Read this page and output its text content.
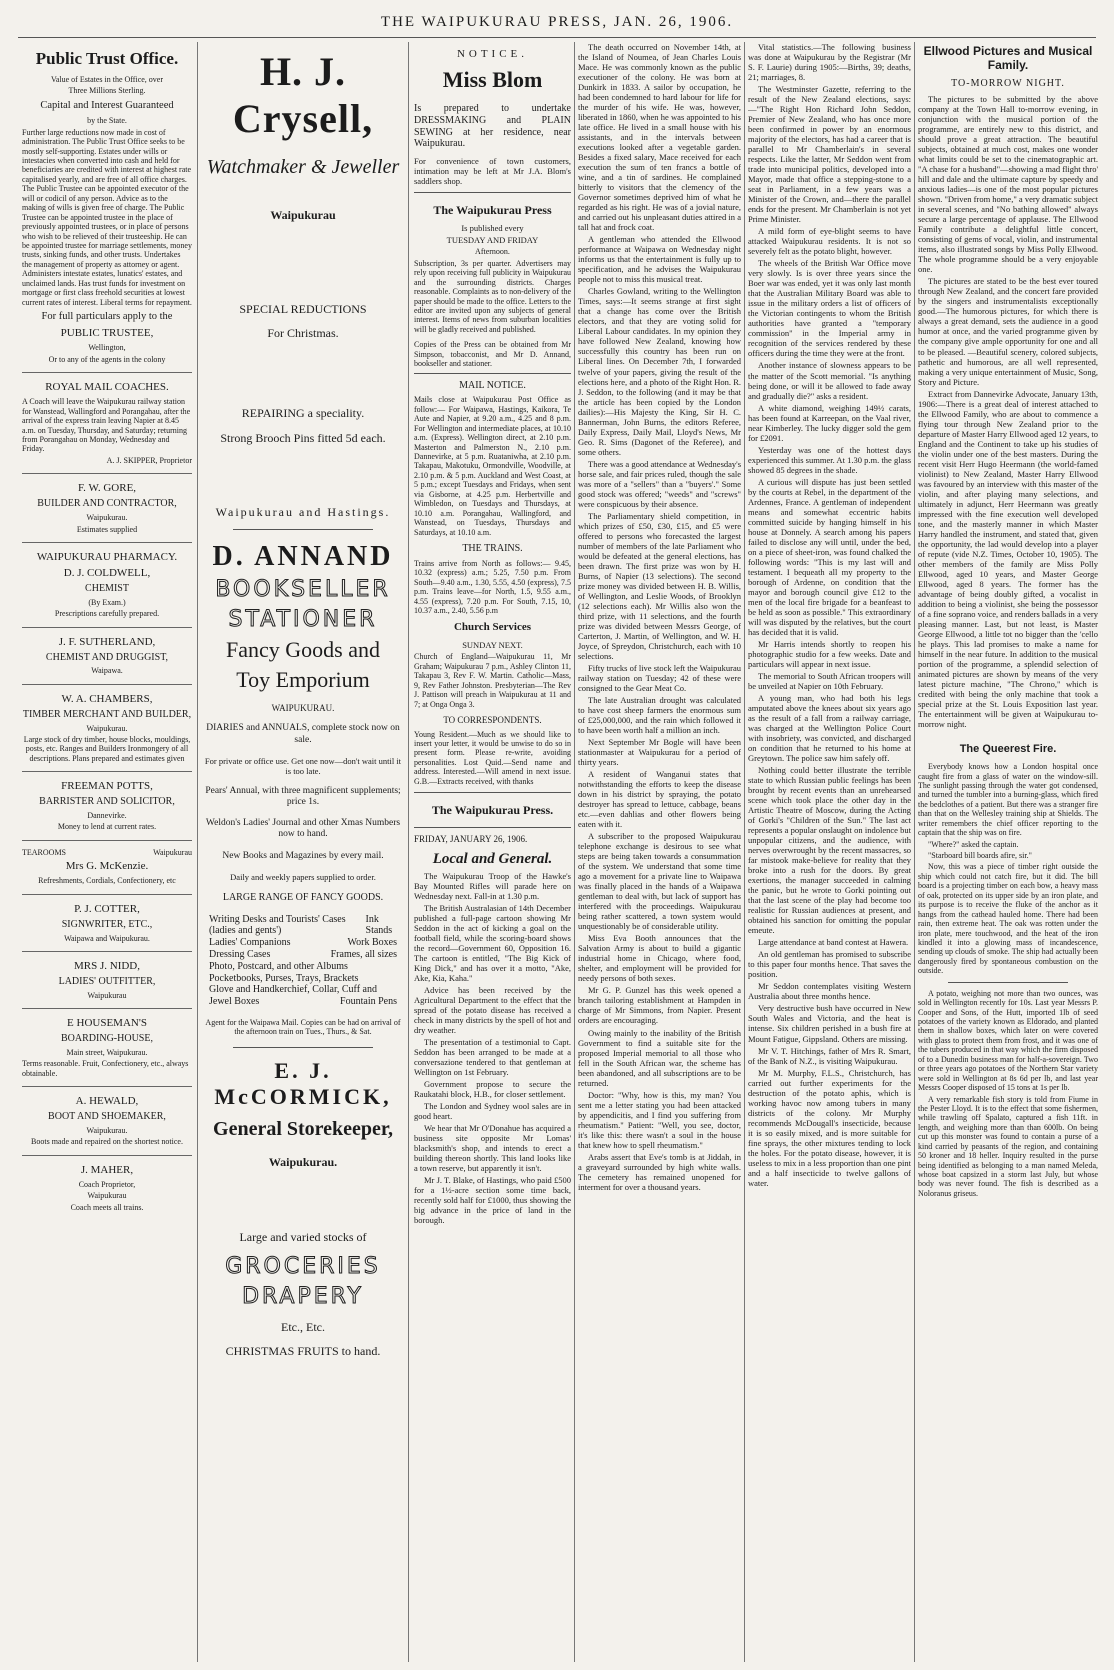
THE WAIPUKURAU PRESS, JAN. 26, 1906.
Public Trust Office.
Value of Estates in the Office, over
Three Millions Sterling.
Capital and Interest Guaranteed
by the State.
Further large reductions now made in cost of administration. The Public Trust Office seeks to be mostly self-supporting. Estates under wills or intestacies when converted into cash and held for beneficiaries are credited with interest at highest rate capitalised yearly, and are free of all office charges. The Public Trustee can be appointed executor of the will or codicil of any person. Advice as to the making of wills is given free of charge. The Public Trustee can be appointed trustee in the place of previously appointed trustees, or in place of persons who wish to be relieved of their trusteeship. He can be appointed trustee for marriage settlements, money trusts, sinking funds, and other trusts. Undertakes the management of property as attorney or agent. Administers intestate estates, lunatics' estates, and unclaimed lands. Has trust funds for investment on mortgage or first class freehold securities at lowest current rates of interest. Liberal terms for repayment.
For full particulars apply to the
PUBLIC TRUSTEE,
Wellington,
Or to any of the agents in the colony
ROYAL MAIL COACHES.
A Coach will leave the Waipukurau railway station for Wanstead, Wallingford and Porangahau, after the arrival of the express train leaving Napier at 8.45 a.m. on Tuesday, Thursday, and Saturday; returning from Porangahau on Monday, Wednesday and Friday.
A. J. SKIPPER, Proprietor
F. W. GORE,
BUILDER AND CONTRACTOR,
Waipukurau.
Estimates supplied
WAIPUKURAU PHARMACY.
D. J. COLDWELL,
CHEMIST
(By Exam.)
Prescriptions carefully prepared.
J. F. SUTHERLAND,
CHEMIST AND DRUGGIST,
Waipawa.
W. A. CHAMBERS,
TIMBER MERCHANT AND BUILDER,
Waipukurau.
Large stock of dry timber, house blocks, mouldings, posts, etc. Ranges and Builders Ironmongery of all descriptions. Plans prepared and estimates given
FREEMAN POTTS,
BARRISTER AND SOLICITOR,
Dannevirke.
Money to lend at current rates.
TEAROOMS	Waipukurau
Mrs G. McKenzie.
Refreshments, Cordials, Confectionery, etc
P. J. COTTER,
SIGNWRITER, ETC.,
Waipawa and Waipukurau.
MRS J. NIDD,
LADIES' OUTFITTER,
Waipukurau
E HOUSEMAN'S
BOARDING-HOUSE,
Main street, Waipukurau.
Terms reasonable. Fruit, Confectionery, etc., always obtainable.
A. HEWALD,
BOOT AND SHOEMAKER,
Waipukurau.
Boots made and repaired on the shortest notice.
J. MAHER,
Coach Proprietor,
Waipukurau
Coach meets all trains.
H. J. Crysell,
Watchmaker & Jeweller
Waipukurau
SPECIAL REDUCTIONS
For Christmas.
REPAIRING a speciality.
Strong Brooch Pins fitted 5d each.
Waipukurau and Hastings.
D. ANNAND
BOOKSELLER
STATIONER
Fancy Goods and
Toy Emporium
WAIPUKURAU.
DIARIES and ANNUALS, complete stock now on sale.
For private or office use. Get one now—don't wait until it is too late.
Pears' Annual, with three magnificent supplements; price 1s.
Weldon's Ladies' Journal and other Xmas Numbers now to hand.
New Books and Magazines by every mail.
Daily and weekly papers supplied to order.
LARGE RANGE OF FANCY GOODS.
Writing Desks and Tourists' Cases (ladies and gents')
Ink Stands
Ladies' Companions	Work Boxes
Dressing Cases	Frames, all sizes
Photo, Postcard, and other Albums
Pocketbooks, Purses, Trays, Brackets
Glove and Handkerchief, Collar, Cuff and
Jewel Boxes	Fountain Pens
Agent for the Waipawa Mail. Copies can be had on arrival of the afternoon train on Tues., Thurs., & Sat.
E. J. McCORMICK,
General Storekeeper,
Waipukurau.
Large and varied stocks of
GROCERIES
DRAPERY
Etc., Etc.
CHRISTMAS FRUITS to hand.
NOTICE.
Miss Blom

Is prepared to undertake DRESSMAKING and PLAIN SEWING at her residence, near Waipukurau.

For convenience of town customers, intimation may be left at Mr J.A. Blom's saddlers shop.

The Waipukurau Press
Is published every
TUESDAY AND FRIDAY
Afternoon.
Subscription, 3s per quarter. Advertisers may rely upon receiving full publicity in Waipukurau and the surrounding districts. Charges reasonable. Complaints as to non-delivery of the paper should be made to the office. Letters to the editor are invited upon any subjects of general interest. Items of news from suburban localities will be gladly received and published.
Copies of the Press can be obtained from Mr Simpson, tobacconist, and Mr D. Annand, bookseller and stationer.
MAIL NOTICE.
Mails close at Waipukurau Post Office as follow:— For Waipawa, Hastings, Kaikora, Te Aute and Napier, at 9.20 a.m., 4.25 and 8 p.m. For Wellington and intermediate places, at 10.10 a.m. (Express). Wellington direct, at 2.10 p.m. Masterton and Palmerston N., 2.10 p.m. Dannevirke, at 5 p.m. Ruataniwha, at 2.10 p.m. Takapau, Makotuku, Ormondville, Woodville, at 2.10 p.m. & 5 p.m. Auckland and West Coast, at 5 p.m.; except Tuesdays and Fridays, when sent via Gisborne, at 4.25 p.m. Herbertville and Wimbledon, on Tuesdays and Thursdays, at 10.10 a.m. Porangahau, Wallingford, and Wanstead, on Tuesdays, Thursdays and Saturdays, at 10.10 a.m.
THE TRAINS.
Trains arrive from North as follows:— 9.45, 10.32 (express) a.m.; 5.25, 7.50 p.m. From South—9.40 a.m., 1.30, 5.55, 4.50 (express), 7.5 p.m. Trains leave—for North, 1.5, 9.55 a.m., 4.55 (express), 7.20 p.m. For South, 7.15, 10, 10.37 a.m., 2.40, 5.56 p.m
Church Services
SUNDAY NEXT.
Church of England—Waipukurau 11, Mr Graham; Waipukurau 7 p.m., Ashley Clinton 11, Takapau 3, Rev F. W. Martin. Catholic—Mass, 9, Rev Father Johnston. Presbyterian—The Rev J. Pattison will preach in Waipukurau at 11 and 7; at Onga Onga 3.
TO CORRESPONDENTS.
Young Resident.—Much as we should like to insert your letter, it would be unwise to do so in present form. Please re-write, avoiding personalities. Lost Quid.—Send name and address. Interested.—Will amend in next issue. G.B.—Extracts received, with thanks
The Waipukurau Press.
FRIDAY, JANUARY 26, 1906.
Local and General.

The Waipukurau Troop of the Hawke's Bay Mounted Rifles will parade here on Wednesday next. Fall-in at 1.30 p.m.

The British Australasian of 14th December published a full-page cartoon showing Mr Seddon in the act of kicking a goal on the football field, while the scoring-board shows the record—Government 60, Opposition 16. The cartoon is entitled, "The Big Kick of King Dick," and has over it a motto, "Ake, Ake, Kia, Kaha."

Advice has been received by the Agricultural Department to the effect that the spread of the potato disease has received a check in many districts by the spell of hot and dry weather.

The presentation of a testimonial to Capt. Seddon has been arranged to be made at a conversazione tendered to that gentleman at Wellington on 1st February.

Government propose to secure the Raukatahi block, H.B., for closer settlement.

The London and Sydney wool sales are in good heart.

We hear that Mr O'Donahue has acquired a business site opposite Mr Lomas' blacksmith's shop, and intends to erect a building thereon shortly. This land looks like a town reserve, but apparently it isn't.

Mr J. T. Blake, of Hastings, who paid £500 for a 1½-acre section some time back, recently sold half for £1000, thus showing the big advance in the price of land in the borough.

The death occurred on November 14th, at the Island of Noumea, of Jean Charles Louis Mace. He was commonly known as the public executioner of the colony. He was born at Dunkirk in 1833. A sailor by occupation, he had been condemned to hard labour for life for the murder of his wife. He was, however, liberated in 1860, when he was appointed to his late office. He lived in a small house with his assistants, and in the intervals between executions looked after a vegetable garden. Besides a fixed salary, Mace received for each execution the sum of ten francs a bottle of wine, and a tin of sardines. He complained bitterly to visitors that the clemency of the Governor sometimes deprived him of what he regarded as his right. He was of a jovial nature, and carried out his unpleasant duties attired in a tall hat and frock coat.

A gentleman who attended the Ellwood performance at Waipawa on Wednesday night informs us that the entertainment is fully up to specification, and he advises the Waipukurau people not to miss this musical treat.

Charles Gowland, writing to the Wellington Times, says:—It seems strange at first sight that a change has come over the British electors, and that they are voting solid for Liberal Labour candidates. In my opinion they have followed New Zealand, knowing how successfully this country has been run on Liberal lines. On December 7th, I forwarded twelve of your papers, giving the result of the elections here, and a photo of the Right Hon. R. J. Seddon, to the following (and it may be that the article has been copied by the London dailies):—His Majesty the King, Sir H. C. Bannerman, John Burns, the editors Referee, Daily Express, Daily Mail, Lloyd's News, Mr Geo. R. Sims (Dagonet of the Referee), and some others.

There was a good attendance at Wednesday's horse sale, and fair prices ruled, though the sale was more of a "sellers" than a "buyers'." Some good stock was offered; "weeds" and "screws" were conspicuous by their absence.

The Parliamentary shield competition, in which prizes of £50, £30, £15, and £5 were offered to persons who forecasted the largest number of members of the late Parliament who would be defeated at the general elections, has been drawn. The first prize was won by H. Burns, of Napier (13 selections). The second prize money was divided between H. B. Willis, of Wellington, and Leslie Woods, of Brooklyn (12 selections each). Mr Willis also won the third prize, with 11 selections, and the fourth prize was divided between Messrs George, of Carterton, J. Martin, of Wellington, and W. H. Joyce, of Spreydon, Christchurch, each with 10 selections.

Fifty trucks of live stock left the Waipukurau railway station on Tuesday; 42 of these were consigned to the Gear Meat Co.

The late Australian drought was calculated to have cost sheep farmers the enormous sum of £25,000,000, and the rain which followed it to have been worth half a million an inch.

Next September Mr Bogle will have been stationmaster at Waipukurau for a period of thirty years.

A resident of Wanganui states that notwithstanding the efforts to keep the disease down in his district by spraying, the potato destroyer has spread to lettuce, cabbage, beans etc.—even dahlias and other flowers being eaten with it.

A subscriber to the proposed Waipukurau telephone exchange is desirous to see what steps are being taken towards a consummation of the system. We understand that some time ago a movement for a private line to Waipawa was finally placed in the hands of a Waipawa gentleman to deal with, but lack of support has interfered with the proceedings. Waipukurau being rather scattered, a town system would unquestionably be of considerable utility.

Miss Eva Booth announces that the Salvation Army is about to build a gigantic industrial home in Chicago, where food, shelter, and employment will be provided for needy persons of both sexes.

Mr G. P. Gunzel has this week opened a branch tailoring establishment at Hampden in charge of Mr Simmons, from Napier. Present orders are encouraging.

Owing mainly to the inability of the British Government to find a suitable site for the proposed Imperial memorial to all those who fell in the South African war, the scheme has been abandoned, and all subscriptions are to be returned.

Doctor: "Why, how is this, my man? You sent me a letter stating you had been attacked by appendicitis, and I find you suffering from rheumatism." Patient: "Well, you see, doctor, it's like this: there wasn't a soul in the house that knew how to spell rheumatism."

Arabs assert that Eve's tomb is at Jiddah, in a graveyard surrounded by high white walls. The cemetery has remained unopened for interment for over a thousand years.

Vital statistics.—The following business was done at Waipukurau by the Registrar (Mr S. F. Laurie) during 1905:—Births, 39; deaths, 21; marriages, 8.

The Westminster Gazette, referring to the result of the New Zealand elections, says:—"The Right Hon Richard John Seddon, Premier of New Zealand, who has once more been confirmed in power by an enormous majority of the electors, has had a career that is parallel to Mr Chamberlain's in several respects. Like the latter, Mr Seddon went from trade into municipal politics, developed into a Mayor, made that office a stepping-stone to a seat in Parliament, in a few years was a Minister of the Crown, and—there the parallel ends for the present. Mr Chamberlain is not yet Prime Minister.

A mild form of eye-blight seems to have attacked Waipukurau residents. It is not so severely felt as the potato blight, however.

The wheels of the British War Office move very slowly. Is is over three years since the Boer war was ended, yet it was only last month that the Australian Military Board was able to issue in the military orders a list of officers of the Victorian contingents to whom the British authorities have granted a "temporary commission" in the Imperial army in recognition of the services rendered by these officers during the time they were at the front.

Another instance of slowness appears to be the matter of the Scott memorial. "Is anything being done, or will it be allowed to fade away and gradually die?" asks a resident.

A white diamond, weighing 149½ carats, has been found at Karreepan, on the Vaal river, near Kimberley. The lucky digger sold the gem for £2091.

Yesterday was one of the hottest days experienced this summer. At 1.30 p.m. the glass showed 85 degrees in the shade.

A curious will dispute has just been settled by the courts at Rebel, in the department of the Ardennes, France. A gentleman of independent means and somewhat eccentric habits committed suicide by hanging himself in his house at Donnely. A search among his papers failed to disclose any will until, under the bed, on a piece of sheet-iron, was found chalked the following words: "This is my last will and testament. I bequeath all my property to the borough of Ardenne, on condition that the mayor and borough council give £12 to the men of the local fire brigade for a beanfeast to be held as soon as possible." This extraordinary will was disputed by the relatives, but the court has decided that it is valid.

Mr Harris intends shortly to reopen his photographic studio for a few weeks. Date and particulars will appear in next issue.

The memorial to South African troopers will be unveiled at Napier on 10th February.

A young man, who had both his legs amputated above the knees about six years ago as the result of a fall from a railway carriage, was charged at the Wellington Police Court with insobriety, was convicted, and discharged on condition that he returned to his home at Greytown. The police saw him safely off.

Nothing could better illustrate the terrible state to which Russian public feelings has been brought by recent events than an unrehearsed scene which took place the other day in the Artistic Theatre of Moscow, during the Acting of Gorki's "Children of the Sun." The last act represents a popular onslaught on indolence but unpopular citizens, and the audience, with nerves overwrought by the recent massacres, so far mistook make-believe for reality that they broke into a rush for the doors. By great exertions, the manager succeeded in calming the panic, but he wrote to Gorki pointing out that the last scene of the play had become too realistic for Russian audiences at present, and obtained his sanction for omitting the popular emeute.

Large attendance at band contest at Hawera.

An old gentleman has promised to subscribe to this paper four months hence. That saves the position.

Mr Seddon contemplates visiting Western Australia about three months hence.

Very destructive bush have occurred in New South Wales and Victoria, and the heat is intense. Six children perished in a bush fire at Mount Fatigue, Gippsland. Others are missing.

Mr V. T. Hitchings, father of Mrs R. Smart, of the Bank of N.Z., is visiting Waipukurau.

Mr M. Murphy, F.L.S., Christchurch, has carried out further experiments for the destruction of the potato aphis, which is working havoc now among tubers in many districts of the colony. Mr Murphy recommends McDougall's insecticide, because it is so easily mixed, and is more suitable for fine sprays, the other mixtures tending to lock the holes. For the potato disease, however, it is useless to mix in a less proportion than one pint and a half insecticide to twelve gallons of water.

Ellwood Pictures and Musical Family.
TO-MORROW NIGHT.

The pictures to be submitted by the above company at the Town Hall to-morrow evening, in conjunction with the musical portion of the programme, are entirely new to this district, and should prove a great attraction. The beautiful subjects, obtained at much cost, makes one wonder what limits could be set to the cinematographic art. "A chase for a husband"—showing a mad flight thro' hill and dale and the ultimate capture by speedy and anxious ladies—is one of the most popular pictures shown. "Driven from home," a very dramatic subject in several scenes, and "No bathing allowed" always secure a large percentage of applause. The Ellwood Family contribute a delightful little concert, consisting of gems of vocal, violin, and instrumental items, also illustrated songs by Miss Polly Ellwood. The whole programme should be a very enjoyable one.

The pictures are stated to be the best ever toured through New Zealand, and the concert fare provided by the singers and instrumentalists exceptionally good.—The humorous pictures, for which there is always a great demand, sets the audience in a good humor at once, and the varied programme given by the company give ample opportunity for one and all to be pleased. —Beautiful scenery, colored subjects, pathetic and humorous, are all well represented, making a very unique entertainment of Music, Song, Story and Picture.

Extract from Dannevirke Advocate, January 13th, 1906:—There is a great deal of interest attached to the Ellwood Family, who are about to commence a flying tour through New Zealand prior to the departure of Master Harry Ellwood aged 12 years, to England and the Continent to take up his studies of the violin under one of the best masters. During the recent visit Herr Hugo Heermann (the world-famed violinist) to New Zealand, Master Harry Ellwood was favoured by an interview with this master of the violin, and after playing many selections, and ultimately in adjunct, Herr Heermann was greatly impressed with the fine execution well developed tone, and the masterly manner in which Master Harry handled the instrument, and stated that, given the opportunity, the lad would develop into a player of repute (vide N.Z. Times, October 10, 1905). The other members of the family are Miss Polly Ellwood, aged 10 years, and Master George Ellwood, aged 8 years. The former has the advantage of being doubly gifted, a vocalist in addition to being a violinist, she being the possessor of a fine soprano voice, and renders ballads in a very pleasing manner. Last, but not least, is Master George Ellwood, a little tot no bigger than the 'cello he plays. This lad promises to make a name for himself in the near future. In addition to the musical portion of the programme, a splendid selection of animated pictures are shown by means of the very latest picture machine, "The Chrono," which is credited with being the only machine that took a special prize at the St. Louis Exposition last year. The entertainment will be given at Waipukurau to-morrow night.

The Queerest Fire.

Everybody knows how a London hospital once caught fire from a glass of water on the window-sill. The sunlight passing through the water got condensed, and turned the tumbler into a burning-glass, which fired the bedclothes of a patient. But there was a stranger fire than that on the Wellesley training ship at Shields. The writer remembers the chief officer reporting to the captain that the ship was on fire.

"Where?" asked the captain.

"Starboard bill boards afire, sir."

Now, this was a piece of timber right outside the ship which could not catch fire, but it did. The bill board is a projecting timber on each bow, a heavy mass of oak, protected on its upper side by an iron plate, and its purpose is to receive the fluke of the anchor as it hangs from the cathead hauled home. There had been rain, then extreme heat. The oak was rotten under the iron plate, mere touchwood, and the heat of the iron kindled it into a glowing mass of incandescence, sending up clouds of smoke. The ship had actually been dangerously fired by spontaneous combustion on the outside.

A potato, weighing not more than two ounces, was sold in Wellington recently for 10s. Last year Messrs P. Cooper and Sons, of the Hutt, imported 1lb of seed potatoes of the variety known as Eldorado, and planted them in shallow boxes, which later on were covered with glass to protect them from frost, and it was one of the tubers produced in that way which the firm disposed of to a Dunedin business man for half-a-sovereign. Two or three years ago potatoes of the Northern Star variety were sold in Wellington at 8s 6d per lb, and last year Messrs Cooper disposed of 15 tons at 1s per lb.

A very remarkable fish story is told from Fiume in the Pester Lloyd. It is to the effect that some fishermen, while trawling off Spalato, captured a fish 11ft. in length, and weighing more than than 600lb. On being cut up this monster was found to contain a purse of a kind carried by peasants of the region, and containing 50 kroner and 18 heller. Inquiry resulted in the purse being identified as belonging to a man named Meleda, whose boat capsized in a storm last July, but whose body was never found. The fish is described as a Noloranus griseus.
